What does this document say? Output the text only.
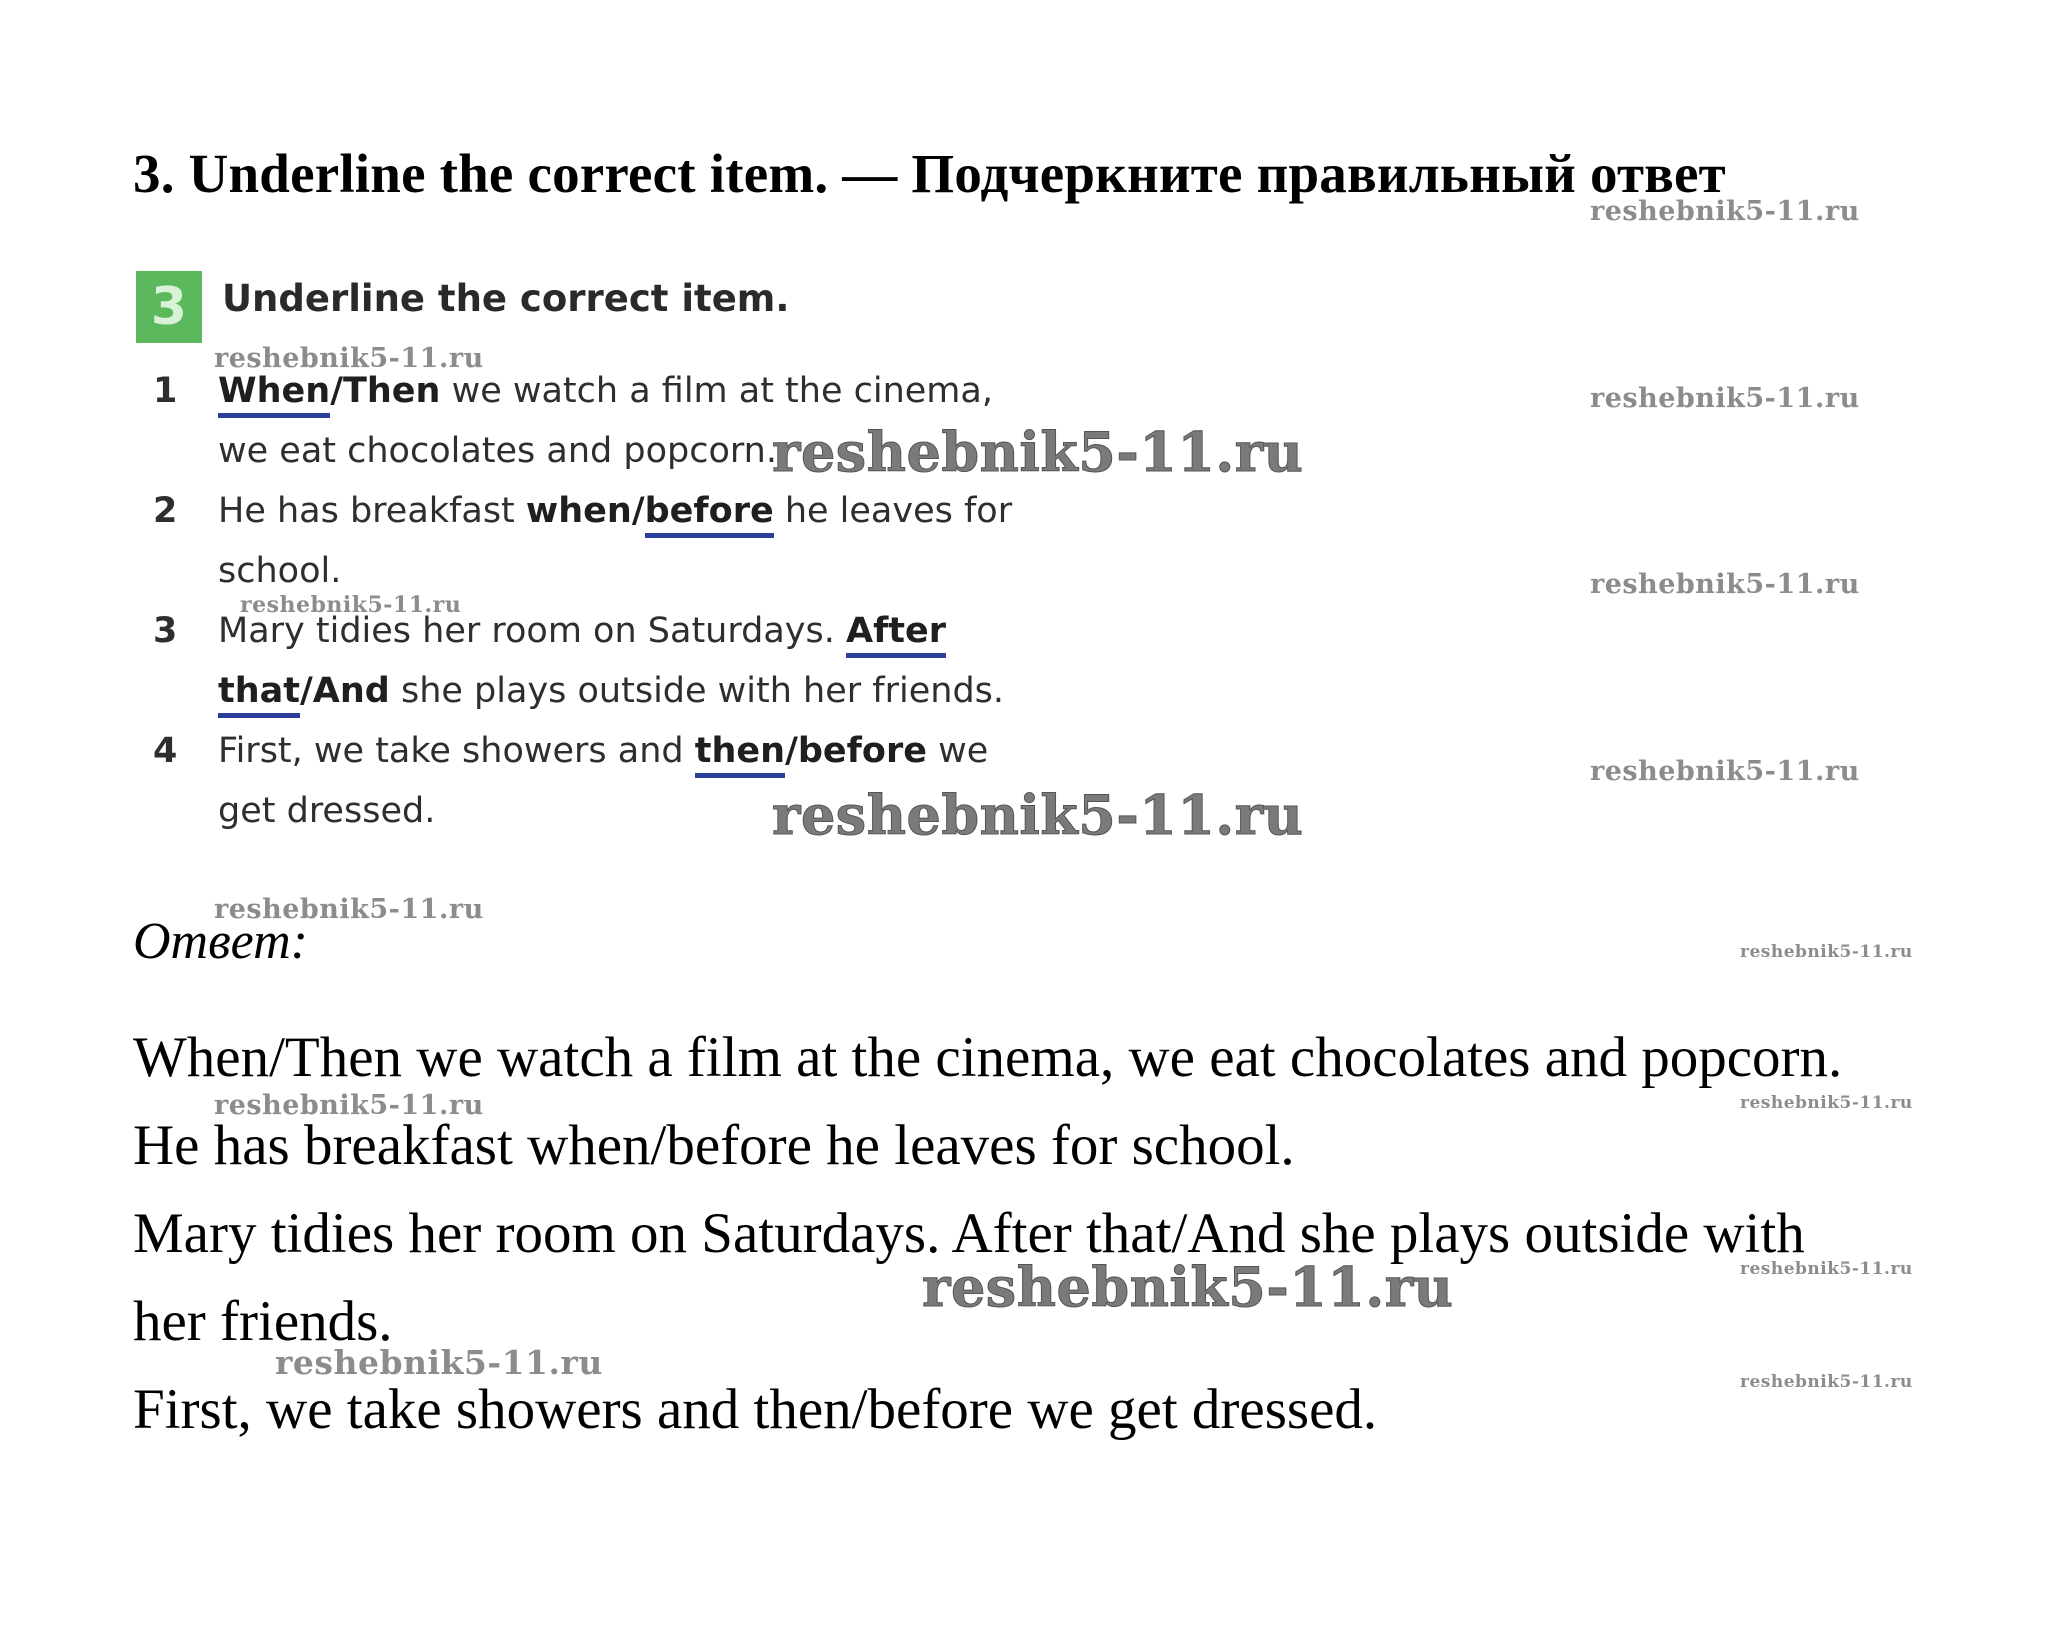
3. Underline the correct item. — Подчеркните правильный ответ
3 Underline the correct item.
1 When/Then we watch a film at the cinema,
we eat chocolates and popcorn.
2 He has breakfast when/before he leaves for
school.
3 Mary tidies her room on Saturdays. After
that/And she plays outside with her friends.
4 First, we take showers and then/before we
get dressed.
Ответ:
When/Then we watch a film at the cinema, we eat chocolates and popcorn.
He has breakfast when/before he leaves for school.
Mary tidies her room on Saturdays. After that/And she plays outside with
her friends.
First, we take showers and then/before we get dressed.
reshebnik5-11.ru
reshebnik5-11.ru
reshebnik5-11.ru
reshebnik5-11.ru
reshebnik5-11.ru
reshebnik5-11.ru
reshebnik5-11.ru
reshebnik5-11.ru
reshebnik5-11.ru
reshebnik5-11.ru
reshebnik5-11.ru	reshebnik5-11.ru
reshebnik5-11.ru	reshebnik5-11.ru
reshebnik5-11.ru	reshebnik5-11.ru
